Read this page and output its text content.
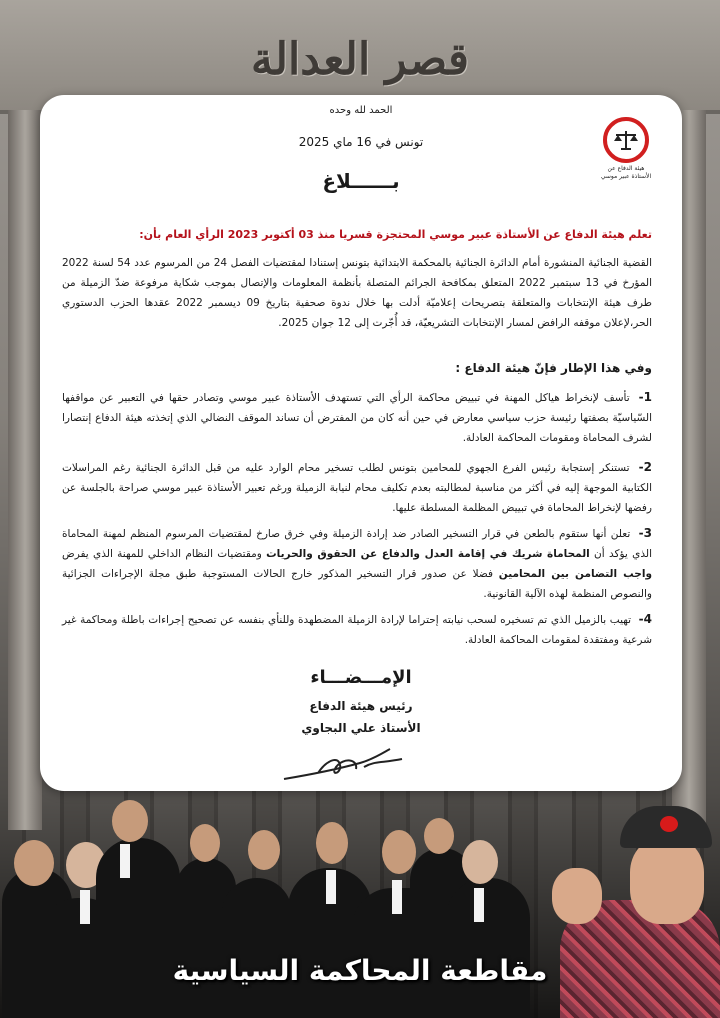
قصر العدالة
هيئة الدفاع عن الأستاذة عبير موسي
الحمد لله وحده
تونس في 16 ماي 2025
بــــــلاغ
تعلم هيئة الدفاع عن الأستاذة عبير موسي المحتجزة قسريا منذ 03 أكتوبر 2023 الرأي العام بأن:
القضية الجنائية المنشورة أمام الدائرة الجنائية بالمحكمة الابتدائية بتونس إستنادا لمقتضيات الفصل 24 من المرسوم عدد 54 لسنة 2022 المؤرخ في 13 سبتمبر 2022 المتعلق بمكافحة الجرائم المتصلة بأنظمة المعلومات والإتصال بموجب شكاية مرفوعة ضدّ الزميلة من طرف هيئة الإنتخابات والمتعلقة بتصريحات إعلاميّة أدلت بها خلال ندوة صحفية بتاريخ 09 ديسمبر 2022 عقدها الحزب الدستوري الحر،لإعلان موقفه الرافض لمسار الإنتخابات التشريعيّة، قد أُجّرت إلى 12 جوان 2025.
وفي هذا الإطار فإنّ هيئة الدفاع :
1- تأسف لإنخراط هياكل المهنة في تبييض محاكمة الرأي التي تستهدف الأستاذة عبير موسي وتصادر حقها في التعبير عن مواقفها السّياسيّة بصفتها رئيسة حزب سياسي معارض في حين أنه كان من المفترض أن تساند الموقف النضالي الذي إتخذته هيئة الدفاع إنتصارا لشرف المحاماة ومقومات المحاكمة العادلة.
2- تستنكر إستجابة رئيس الفرع الجهوي للمحامين بتونس لطلب تسخير محام الوارد عليه من قبل الدائرة الجنائية رغم المراسلات الكتابية الموجهة إليه في أكثر من مناسبة لمطالبته بعدم تكليف محام لنيابة الزميلة ورغم تعبير الأستاذة عبير موسي صراحة بالجلسة عن رفضها لإنخراط المحاماة في تبييض المظلمة المسلطة عليها.
3- تعلن أنها ستقوم بالطعن في قرار التسخير الصادر ضد إرادة الزميلة وفي خرق صارخ لمقتضيات المرسوم المنظم لمهنة المحاماة الذي يؤكد أن المحاماة شريك في إقامة العدل والدفاع عن الحقوق والحريات ومقتضيات النظام الداخلي للمهنة الذي يفرض واجب التضامن بين المحامين فضلا عن صدور قرار التسخير المذكور خارج الحالات المستوجبة طبق مجلة الإجراءات الجزائية والنصوص المنظمة لهذه الآلية القانونية.
4- تهيب بالزميل الذي تم تسخيره لسحب نيابته إحتراما لإرادة الزميلة المضطهدة وللنأي بنفسه عن تصحيح إجراءات باطلة ومحاكمة غير شرعية ومفتقدة لمقومات المحاكمة العادلة.
الإمـــضـــاء
رئيس هيئة الدفاع
الأستاذ علي البجاوي
مقاطعة المحاكمة السياسية
